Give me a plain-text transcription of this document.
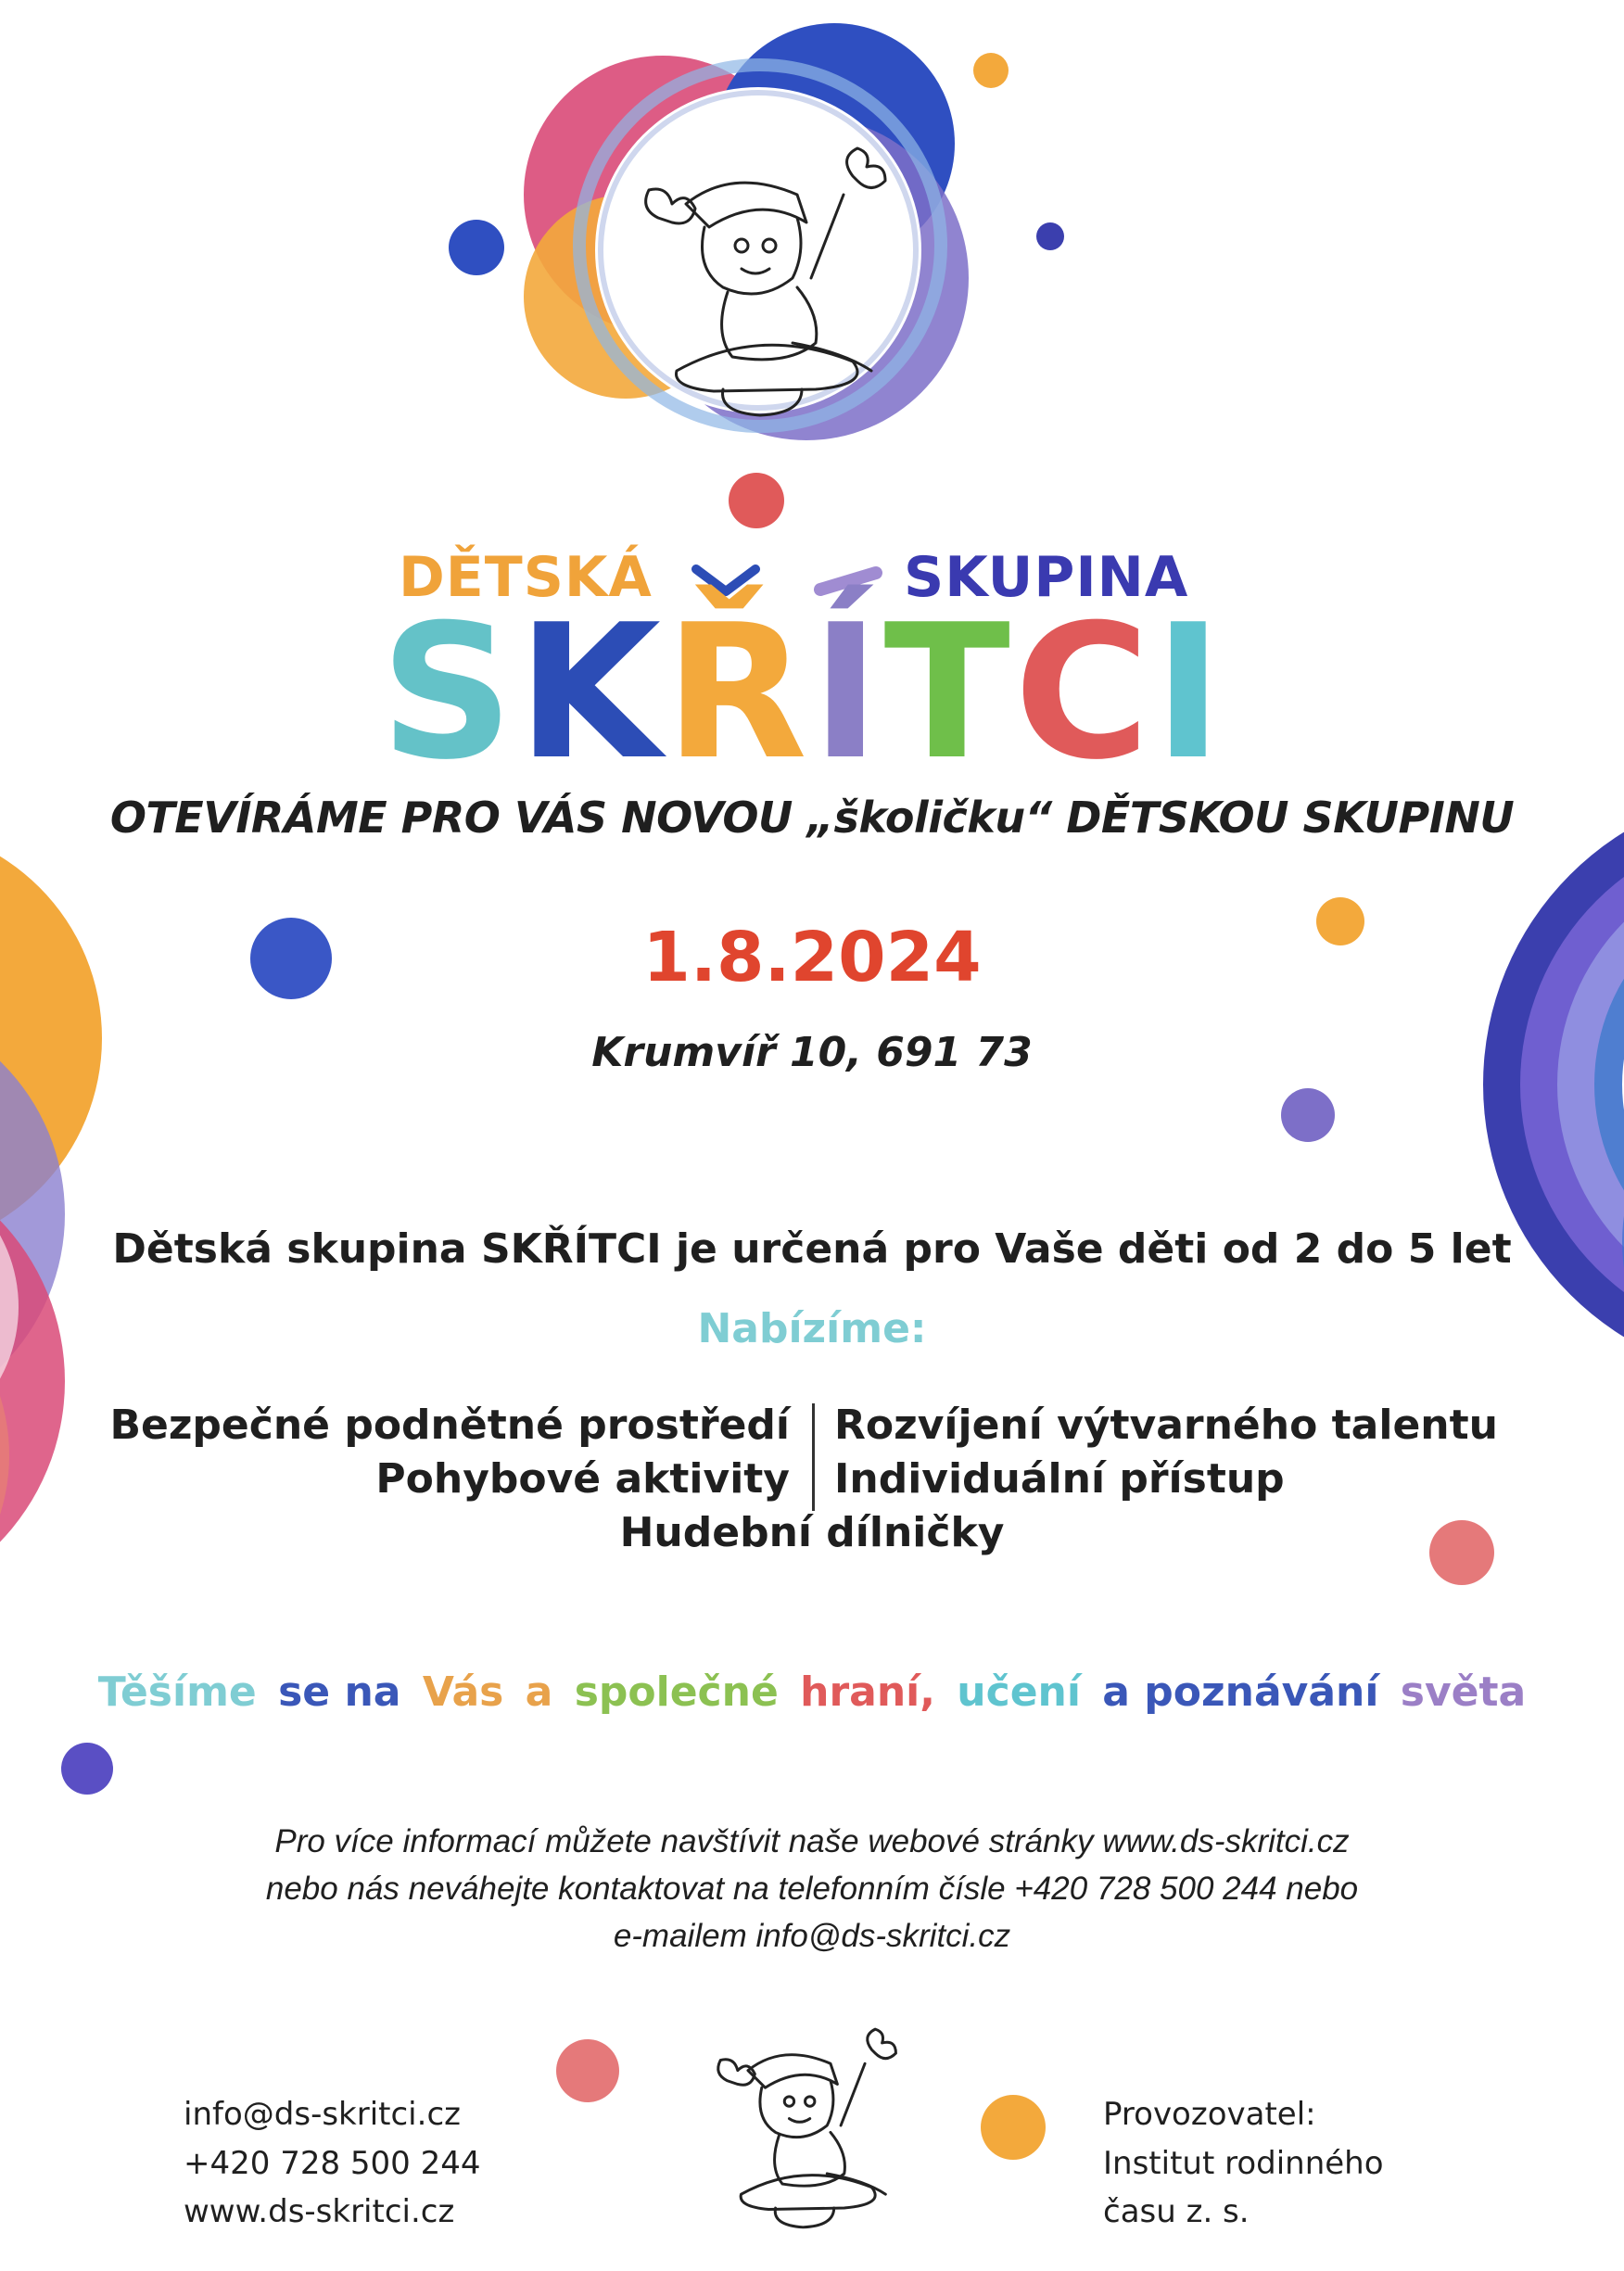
DĚTSKÁ	SKUPINA
SKŘÍTCI
OTEVÍRÁME PRO VÁS NOVOU „školičku“ DĚTSKOU SKUPINU
1.8.2024
Krumvíř 10, 691 73
Dětská skupina SKŘÍTCI je určená pro Vaše děti od 2 do 5 let
Nabízíme:
Bezpečné podnětné prostředí
Pohybové aktivity
Rozvíjení výtvarného talentu
Individuální přístup
Hudební dílničky
Těšíme se na Vás a společné hraní, učení a poznávání světa
Pro více informací můžete navštívit naše webové stránky www.ds-skritci.cz
nebo nás neváhejte kontaktovat na telefonním čísle +420 728 500 244 nebo
e-mailem info@ds-skritci.cz
info@ds-skritci.cz
+420 728 500 244
www.ds-skritci.cz
Provozovatel:
Institut rodinného
času z. s.
